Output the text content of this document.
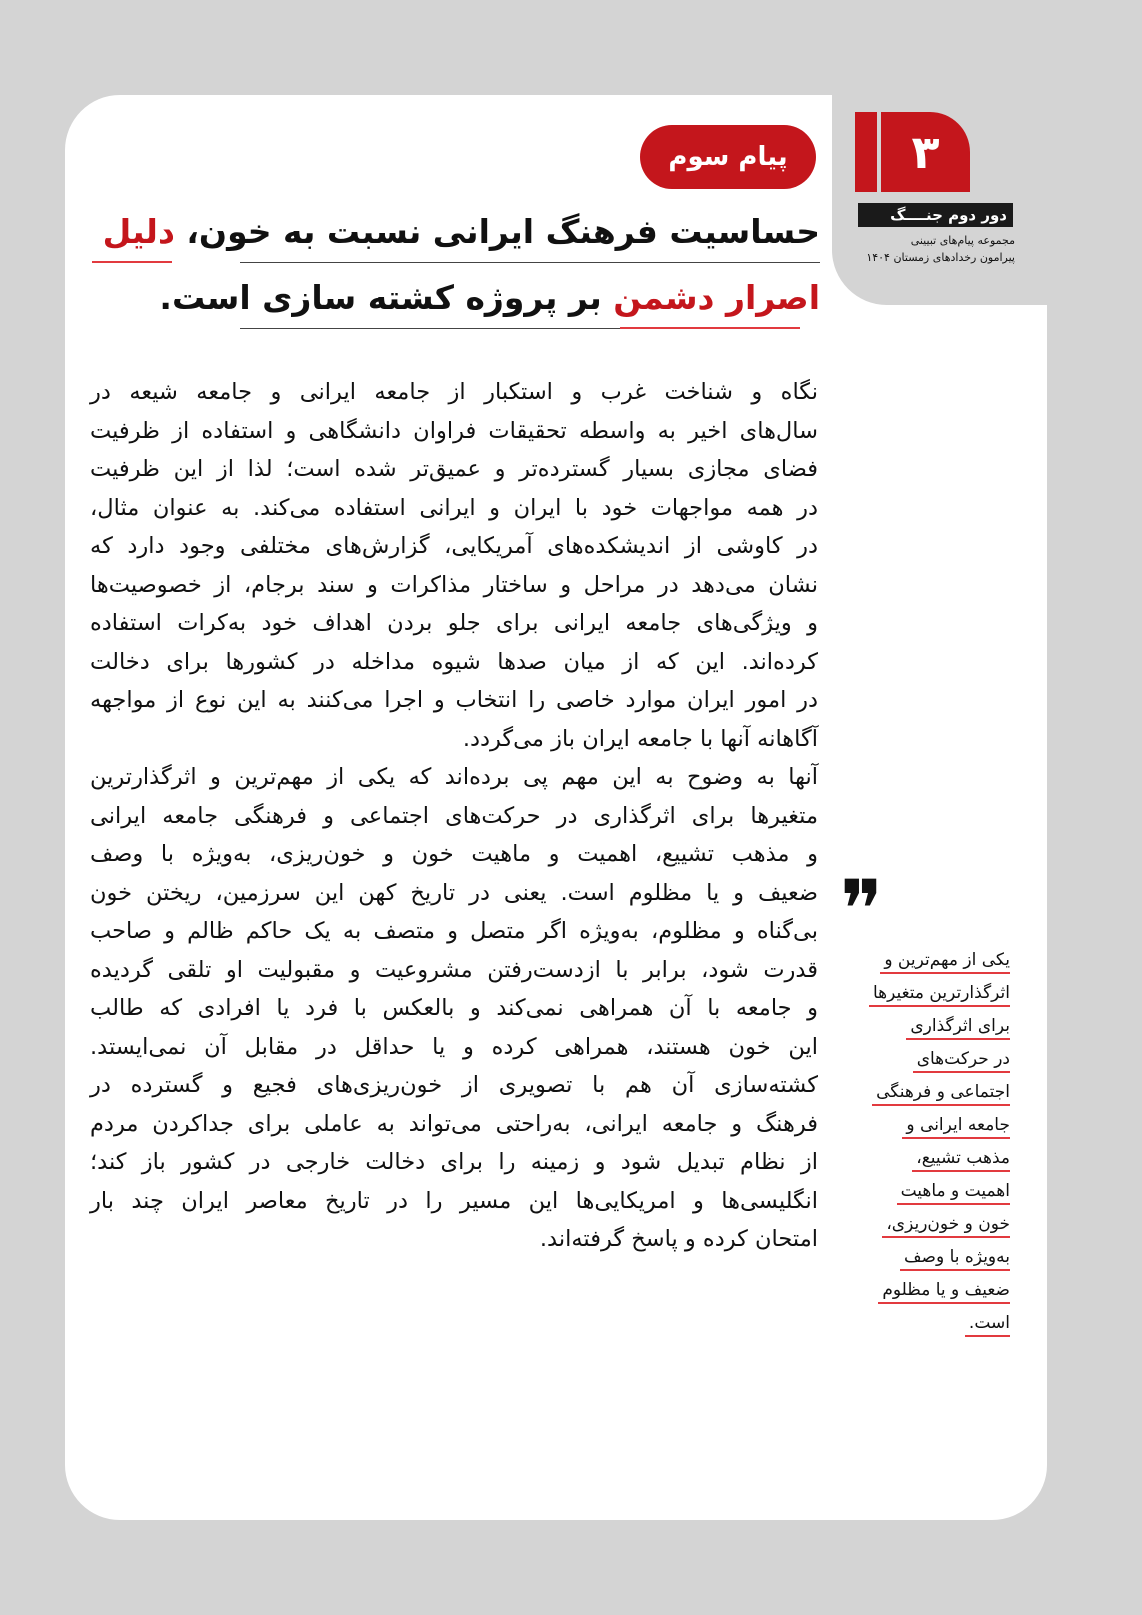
۳
دور دوم جنــــگ
مجموعه پیام‌های تبیینی
پیرامون رخدادهای زمستان ۱۴۰۴
پیام سوم
حساسیت فرهنگ ایرانی نسبت به خون، دلیل
اصرار دشمن بر پروژه کشته سازی است.
نگاه و شناخت غرب و استکبار از جامعه ایرانی و جامعه شیعه در
سال‌های اخیر به واسطه تحقیقات فراوان دانشگاهی و استفاده از ظرفیت
فضای مجازی بسیار گسترده‌تر و عمیق‌تر شده است؛ لذا از این ظرفیت
در همه مواجهات خود با ایران و ایرانی استفاده می‌کند. به عنوان مثال،
در کاوشی از اندیشکده‌های آمریکایی، گزارش‌های مختلفی وجود دارد که
نشان می‌دهد در مراحل و ساختار مذاکرات و سند برجام، از خصوصیت‌ها
و ویژگی‌های جامعه ایرانی برای جلو بردن اهداف خود به‌کرات استفاده
کرده‌اند. این که از میان صدها شیوه مداخله در کشورها برای دخالت
در امور ایران موارد خاصی را انتخاب و اجرا می‌کنند به این نوع از مواجهه
آگاهانه آنها با جامعه ایران باز می‌گردد.
آنها به وضوح به این مهم پی برده‌اند که یکی از مهم‌ترین و اثرگذارترین
متغیرها برای اثرگذاری در حرکت‌های اجتماعی و فرهنگی جامعه ایرانی
و مذهب تشییع، اهمیت و ماهیت خون و خون‌ریزی، به‌ویژه با وصف
ضعیف و یا مظلوم است. یعنی در تاریخ کهن این سرزمین، ریختن خون
بی‌گناه و مظلوم، به‌ویژه اگر متصل و متصف به یک حاکم ظالم و صاحب
قدرت شود، برابر با ازدست‌رفتن مشروعیت و مقبولیت او تلقی گردیده
و جامعه با آن همراهی نمی‌کند و بالعکس با فرد یا افرادی که طالب
این خون هستند، همراهی کرده و یا حداقل در مقابل آن نمی‌ایستد.
کشته‌سازی آن هم با تصویری از خون‌ریزی‌های فجیع و گسترده در
فرهنگ و جامعه ایرانی، به‌راحتی می‌تواند به عاملی برای جداکردن مردم
از نظام تبدیل شود و زمینه را برای دخالت خارجی در کشور باز کند؛
انگلیسی‌ها و امریکایی‌ها این مسیر را در تاریخ معاصر ایران چند بار
امتحان کرده و پاسخ گرفته‌اند.
❞
یکی از مهم‌ترین و
اثرگذارترین متغیرها
برای اثرگذاری
در حرکت‌های
اجتماعی و فرهنگی
جامعه ایرانی و
مذهب تشییع،
اهمیت و ماهیت
خون و خون‌ریزی،
به‌ویژه با وصف
ضعیف و یا مظلوم
است.
